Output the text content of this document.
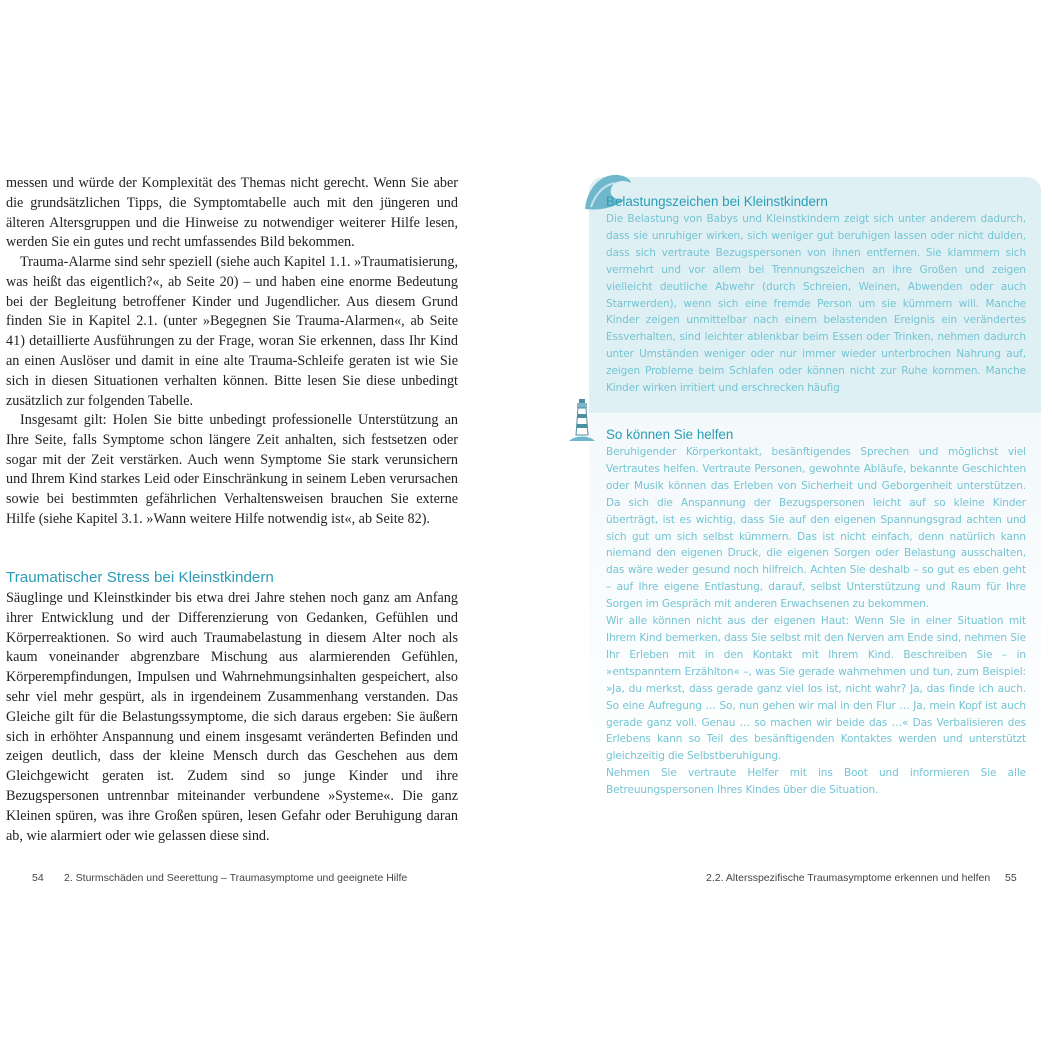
messen und würde der Komplexität des Themas nicht gerecht. Wenn Sie aber die grundsätzlichen Tipps, die Symptomtabelle auch mit den jüngeren und älteren Altersgruppen und die Hinweise zu notwendiger weiterer Hilfe lesen, werden Sie ein gutes und recht umfassendes Bild bekommen.

Trauma-Alarme sind sehr speziell (siehe auch Kapitel 1.1. »Traumatisierung, was heißt das eigentlich?«, ab Seite 20) – und haben eine enorme Bedeutung bei der Begleitung betroffener Kinder und Jugendlicher. Aus diesem Grund finden Sie in Kapitel 2.1. (unter »Begegnen Sie Trauma-Alarmen«, ab Seite 41) detaillierte Ausführungen zu der Frage, woran Sie erkennen, dass Ihr Kind an einen Auslöser und damit in eine alte Trauma-Schleife geraten ist wie Sie sich in diesen Situationen verhalten können. Bitte lesen Sie diese unbedingt zusätzlich zur folgenden Tabelle.

Insgesamt gilt: Holen Sie bitte unbedingt professionelle Unterstützung an Ihre Seite, falls Symptome schon längere Zeit anhalten, sich festsetzen oder sogar mit der Zeit verstärken. Auch wenn Symptome Sie stark verunsichern und Ihrem Kind starkes Leid oder Einschränkung in seinem Leben verursachen sowie bei bestimmten gefährlichen Verhaltensweisen brauchen Sie externe Hilfe (siehe Kapitel 3.1. »Wann weitere Hilfe notwendig ist«, ab Seite 82).

Traumatischer Stress bei Kleinstkindern

Säuglinge und Kleinstkinder bis etwa drei Jahre stehen noch ganz am Anfang ihrer Entwicklung und der Differenzierung von Gedanken, Gefühlen und Körperreaktionen. So wird auch Traumabelastung in diesem Alter noch als kaum voneinander abgrenzbare Mischung aus alarmierenden Gefühlen, Körperempfindungen, Impulsen und Wahrnehmungsinhalten gespeichert, also sehr viel mehr gespürt, als in irgendeinem Zusammenhang verstanden. Das Gleiche gilt für die Belastungssymptome, die sich daraus ergeben: Sie äußern sich in erhöhter Anspannung und einem insgesamt veränderten Befinden und zeigen deutlich, dass der kleine Mensch durch das Geschehen aus dem Gleichgewicht geraten ist. Zudem sind so junge Kinder und ihre Bezugspersonen untrennbar miteinander verbundene »Systeme«. Die ganz Kleinen spüren, was ihre Großen spüren, lesen Gefahr oder Beruhigung daran ab, wie alarmiert oder wie gelassen diese sind.

54 2. Sturmschäden und Seerettung – Traumasymptome und geeignete Hilfe
Belastungszeichen bei Kleinstkindern

Die Belastung von Babys und Kleinstkindern zeigt sich unter anderem dadurch, dass sie unruhiger wirken, sich weniger gut beruhigen lassen oder nicht dulden, dass sich vertraute Bezugspersonen von ihnen entfernen. Sie klammern sich vermehrt und vor allem bei Trennungszeichen an ihre Großen und zeigen vielleicht deutliche Abwehr (durch Schreien, Weinen, Abwenden oder auch Starrwerden), wenn sich eine fremde Person um sie kümmern will. Manche Kinder zeigen unmittelbar nach einem belastenden Ereignis ein verändertes Essverhalten, sind leichter ablenkbar beim Essen oder Trinken, nehmen dadurch unter Umständen weniger oder nur immer wieder unterbrochen Nahrung auf, zeigen Probleme beim Schlafen oder können nicht zur Ruhe kommen. Manche Kinder wirken irritiert und erschrecken häufig

So können Sie helfen

Beruhigender Körperkontakt, besänftigendes Sprechen und möglichst viel Vertrautes helfen. Vertraute Personen, gewohnte Abläufe, bekannte Geschichten oder Musik können das Erleben von Sicherheit und Geborgenheit unterstützen. Da sich die Anspannung der Bezugspersonen leicht auf so kleine Kinder überträgt, ist es wichtig, dass Sie auf den eigenen Spannungsgrad achten und sich gut um sich selbst kümmern. Das ist nicht einfach, denn natürlich kann niemand den eigenen Druck, die eigenen Sorgen oder Belastung ausschalten, das wäre weder gesund noch hilfreich. Achten Sie deshalb – so gut es eben geht – auf Ihre eigene Entlastung, darauf, selbst Unterstützung und Raum für Ihre Sorgen im Gespräch mit anderen Erwachsenen zu bekommen.

Wir alle können nicht aus der eigenen Haut: Wenn Sie in einer Situation mit Ihrem Kind bemerken, dass Sie selbst mit den Nerven am Ende sind, nehmen Sie Ihr Erleben mit in den Kontakt mit Ihrem Kind. Beschreiben Sie – in »entspanntem Erzählton« –, was Sie gerade wahrnehmen und tun, zum Beispiel: »Ja, du merkst, dass gerade ganz viel los ist, nicht wahr? Ja, das finde ich auch. So eine Aufregung … So, nun gehen wir mal in den Flur … Ja, mein Kopf ist auch gerade ganz voll. Genau … so machen wir beide das …« Das Verbalisieren des Erlebens kann so Teil des besänftigenden Kontaktes werden und unterstützt gleichzeitig die Selbstberuhigung.

Nehmen Sie vertraute Helfer mit ins Boot und informieren Sie alle Betreuungspersonen Ihres Kindes über die Situation.

2.2. Altersspezifische Traumasymptome erkennen und helfen 55
